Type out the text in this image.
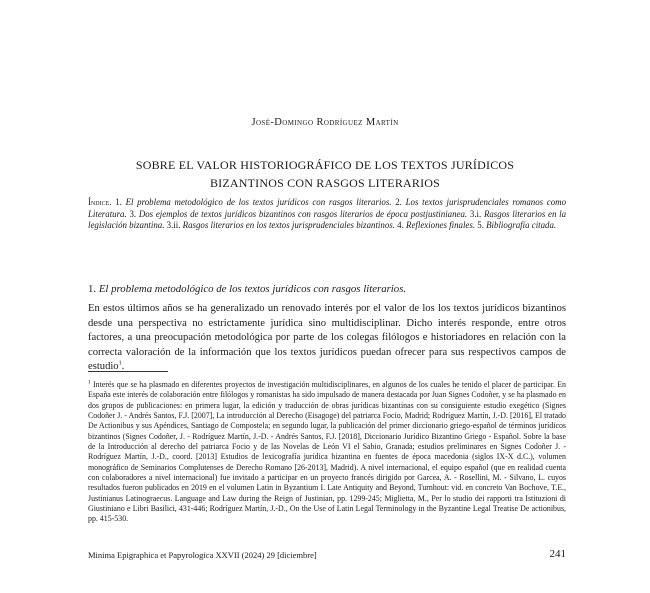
José-Domingo Rodríguez Martín
SOBRE EL VALOR HISTORIOGRÁFICO DE LOS TEXTOS JURÍDICOS
BIZANTINOS CON RASGOS LITERARIOS
Índice. 1. El problema metodológico de los textos jurídicos con rasgos literarios. 2. Los textos jurisprudenciales romanos como Literatura. 3. Dos ejemplos de textos jurídicos bizantinos con rasgos literarios de época postjustinianea. 3.i. Rasgos literarios en la legislación bizantina. 3.ii. Rasgos literarios en los textos jurisprudenciales bizantinos. 4. Reflexiones finales. 5. Bibliografía citada.
1. El problema metodológico de los textos jurídicos con rasgos literarios.
En estos últimos años se ha generalizado un renovado interés por el valor de los los textos jurídicos bizantinos desde una perspectiva no estrictamente jurídica sino multidisciplinar. Dicho interés responde, entre otros factores, a una preocupación metodológica por parte de los colegas filólogos e historiadores en relación con la correcta valoración de la información que los textos jurídicos puedan ofrecer para sus respectivos campos de estudio$^1$.
$^1$ Interés que se ha plasmado en diferentes proyectos de investigación multidisciplinares, en algunos de los cuales he tenido el placer de participar. En España este interés de colaboración entre filólogos y romanistas ha sido impulsado de manera destacada por Juan Signes Codoñer, y se ha plasmado en dos grupos de publicaciones: en primera lugar, la edición y traducción de obras jurídicas bizantinas con su consiguiente estudio exegético (Signes Codoñer J. - Andrés Santos, F.J. [2007], La introducción al Derecho (Eisagoge) del patriarca Focio, Madrid; Rodríguez Martín, J.-D. [2016], El tratado De Actionibus y sus Apéndices, Santiago de Compostela; en segundo lugar, la publicación del primer diccionario griego-español de términos jurídicos bizantinos (Signes Codoñer, J. - Rodríguez Martín, J.-D. - Andrés Santos, F.J. [2018], Diccionario Jurídico Bizantino Griego - Español. Sobre la base de la Introducción al derecho del patriarca Focio y de las Novelas de León VI el Sabio, Granada; estudios preliminares en Signes Codoñer J. - Rodríguez Martín, J.-D., coord. [2013] Estudios de lexicografía jurídica bizantina en fuentes de época macedonia (siglos IX-X d.C.), volumen monográfico de Seminarios Complutenses de Derecho Romano [26-2013], Madrid). A nivel internacional, el equipo español (que en realidad cuenta con colaboradores a nivel internacional) fue invitado a participar en un proyecto francés dirigido por Garcea, A. - Rosellini, M. - Silvano, L. cuyos resultados fueron publicados en 2019 en el volumen Latin in Byzantium I. Late Antiquity and Beyond, Turnhout: vid. en concreto Van Bochove, T.E., Justinianus Latinograecus. Language and Law during the Reign of Justinian, pp. 1299-245; Miglietta, M., Per lo studio dei rapporti tra Istituzioni di Giustiniano e Libri Basilici, 431-446; Rodríguez Martín, J.-D., On the Use of Latin Legal Terminology in the Byzantine Legal Treatise De actionibus, pp. 415-530.
Minima Epigraphica et Papyrologica XXVII (2024) 29 [diciembre]	241
